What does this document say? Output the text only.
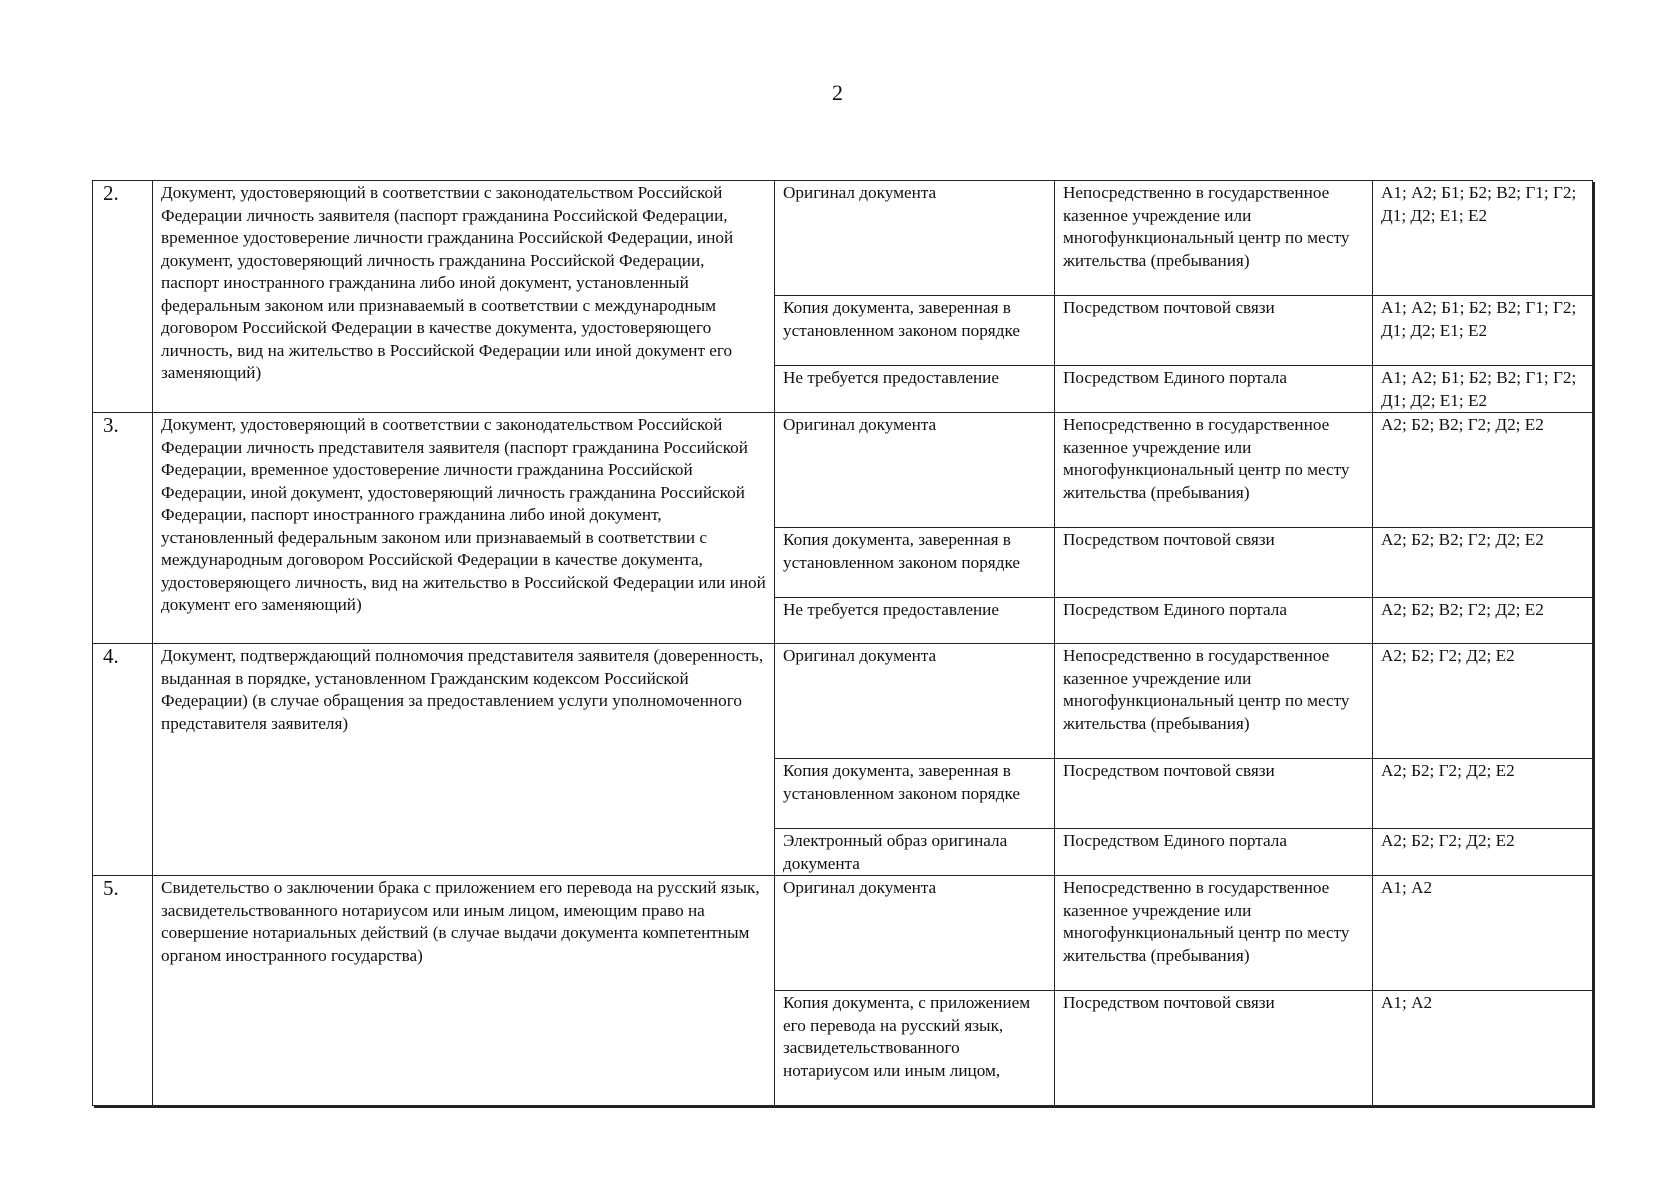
2
2.	Документ, удостоверяющий в соответствии с законодательством Российской Федерации личность заявителя (паспорт гражданина Российской Федерации, временное удостоверение личности гражданина Российской Федерации, иной документ, удостоверяющий личность гражданина Российской Федерации, паспорт иностранного гражданина либо иной документ, установленный федеральным законом или признаваемый в соответствии с международным договором Российской Федерации в качестве документа, удостоверяющего личность, вид на жительство в Российской Федерации или иной документ его заменяющий)	Оригинал документа	Непосредственно в государственное казенное учреждение или многофункциональный центр по месту жительства (пребывания)	А1; А2; Б1; Б2; В2; Г1; Г2; Д1; Д2; Е1; Е2
		Копия документа, заверенная в установленном законом порядке	Посредством почтовой связи	А1; А2; Б1; Б2; В2; Г1; Г2; Д1; Д2; Е1; Е2
		Не требуется предоставление	Посредством Единого портала	А1; А2; Б1; Б2; В2; Г1; Г2; Д1; Д2; Е1; Е2
3.	Документ, удостоверяющий в соответствии с законодательством Российской Федерации личность представителя заявителя (паспорт гражданина Российской Федерации, временное удостоверение личности гражданина Российской Федерации, иной документ, удостоверяющий личность гражданина Российской Федерации, паспорт иностранного гражданина либо иной документ, установленный федеральным законом или признаваемый в соответствии с международным договором Российской Федерации в качестве документа, удостоверяющего личность, вид на жительство в Российской Федерации или иной документ его заменяющий)	Оригинал документа	Непосредственно в государственное казенное учреждение или многофункциональный центр по месту жительства (пребывания)	А2; Б2; В2; Г2; Д2; Е2
		Копия документа, заверенная в установленном законом порядке	Посредством почтовой связи	А2; Б2; В2; Г2; Д2; Е2
		Не требуется предоставление	Посредством Единого портала	А2; Б2; В2; Г2; Д2; Е2
4.	Документ, подтверждающий полномочия представителя заявителя (доверенность, выданная в порядке, установленном Гражданским кодексом Российской Федерации) (в случае обращения за предоставлением услуги уполномоченного представителя заявителя)	Оригинал документа	Непосредственно в государственное казенное учреждение или многофункциональный центр по месту жительства (пребывания)	А2; Б2; Г2; Д2; Е2
		Копия документа, заверенная в установленном законом порядке	Посредством почтовой связи	А2; Б2; Г2; Д2; Е2
		Электронный образ оригинала документа	Посредством Единого портала	А2; Б2; Г2; Д2; Е2
5.	Свидетельство о заключении брака с приложением его перевода на русский язык, засвидетельствованного нотариусом или иным лицом, имеющим право на совершение нотариальных действий (в случае выдачи документа компетентным органом иностранного государства)	Оригинал документа	Непосредственно в государственное казенное учреждение или многофункциональный центр по месту жительства (пребывания)	А1; А2
		Копия документа, с приложением его перевода на русский язык, засвидетельствованного нотариусом или иным лицом,	Посредством почтовой связи	А1; А2
